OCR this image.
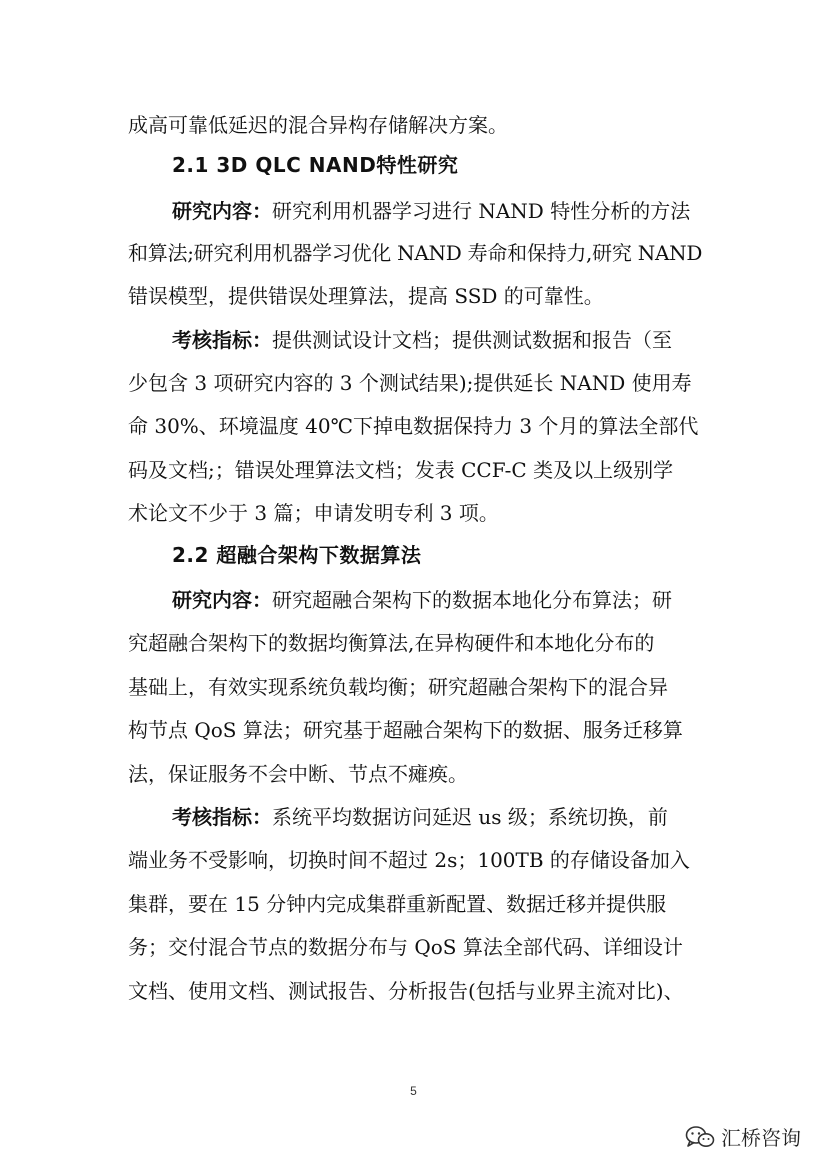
成高可靠低延迟的混合异构存储解决方案。
2.1 3D QLC NAND特性研究
研究内容：研究利用机器学习进行 NAND 特性分析的方法
和算法;研究利用机器学习优化 NAND 寿命和保持力,研究 NAND
错误模型，提供错误处理算法，提高 SSD 的可靠性。
考核指标：提供测试设计文档；提供测试数据和报告（至
少包含 3 项研究内容的 3 个测试结果);提供延长 NAND 使用寿
命 30%、环境温度 40℃下掉电数据保持力 3 个月的算法全部代
码及文档;；错误处理算法文档；发表 CCF-C 类及以上级别学
术论文不少于 3 篇；申请发明专利 3 项。
2.2 超融合架构下数据算法
研究内容：研究超融合架构下的数据本地化分布算法；研
究超融合架构下的数据均衡算法,在异构硬件和本地化分布的
基础上，有效实现系统负载均衡；研究超融合架构下的混合异
构节点 QoS 算法；研究基于超融合架构下的数据、服务迁移算
法，保证服务不会中断、节点不瘫痪。
考核指标：系统平均数据访问延迟 us 级；系统切换，前
端业务不受影响，切换时间不超过 2s；100TB 的存储设备加入
集群，要在 15 分钟内完成集群重新配置、数据迁移并提供服
务；交付混合节点的数据分布与 QoS 算法全部代码、详细设计
文档、使用文档、测试报告、分析报告(包括与业界主流对比)、
5
汇桥咨询
